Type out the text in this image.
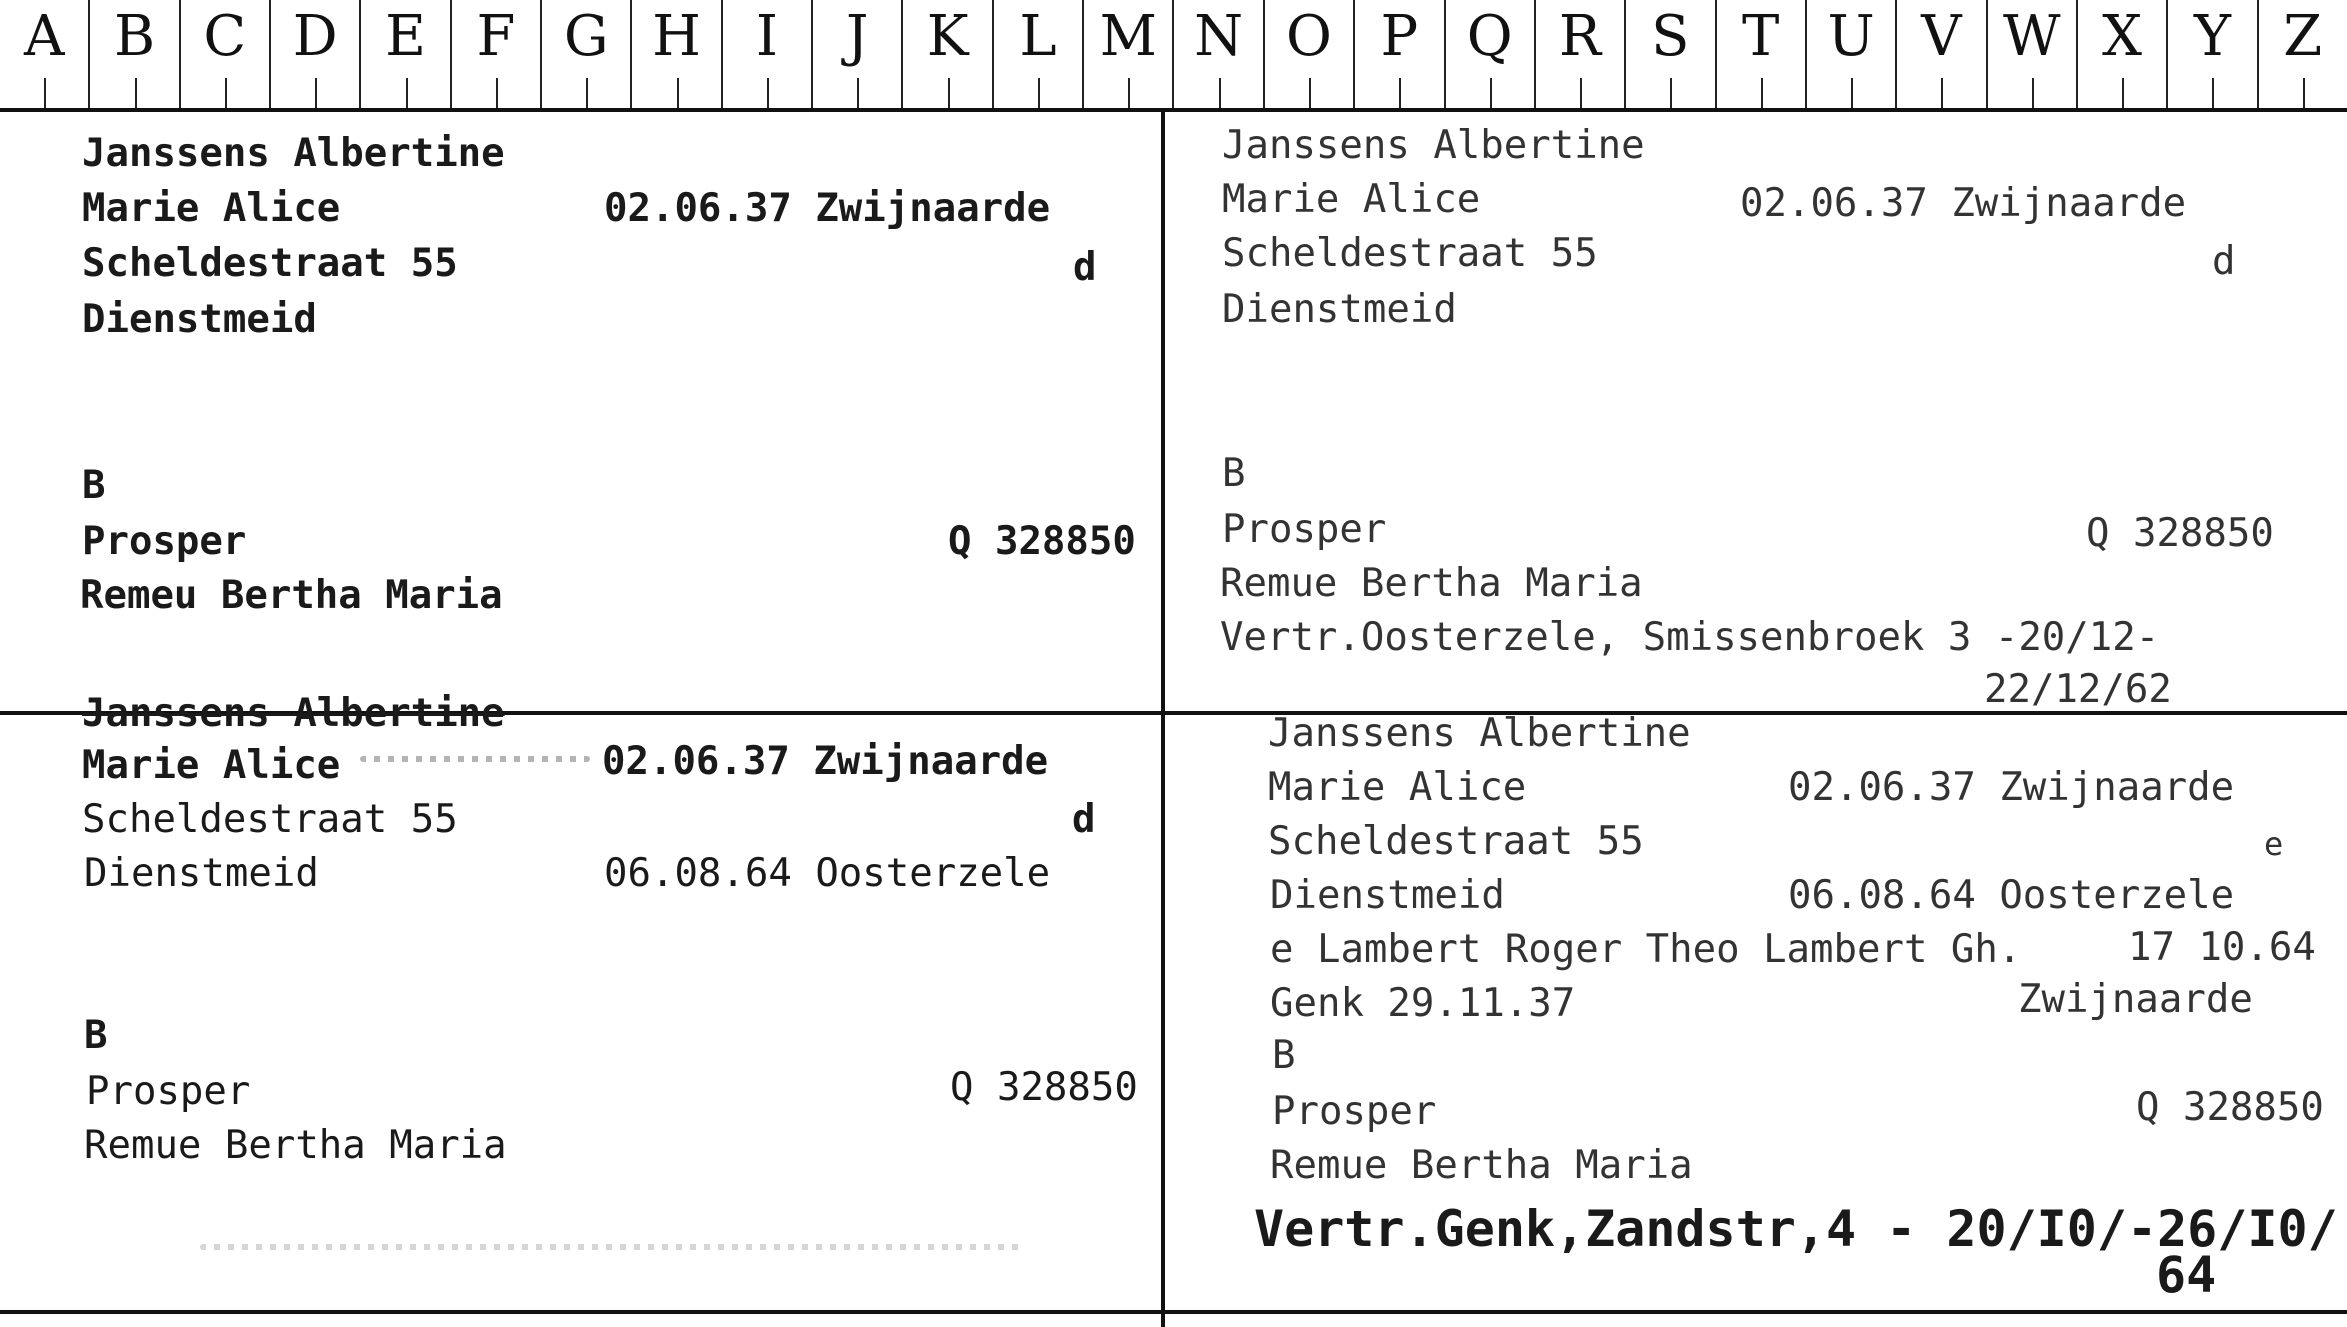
A B C D E F G H I	J	K L M N O P Q R S T U V W X Y Z
Janssens Albertine
Marie Alice	02.06.37 Zwijnaarde
Scheldestraat 55	d
Dienstmeid
B
Prosper	Q 328850
Remeu Bertha Maria
Janssens Albertine
Marie Alice	02.06.37 Zwijnaarde
Scheldestraat 55	d
Dienstmeid
B
Prosper	Q 328850
Remue Bertha Maria
Vertr.Oosterzele, Smissenbroek 3 -20/12-
22/12/62
Janssens Albertine
Marie Alice	02.06.37 Zwijnaarde
Scheldestraat 55	d
Dienstmeid	06.08.64 Oosterzele
B
Prosper	Q 328850
Remue Bertha Maria
Janssens Albertine
Marie Alice	02.06.37 Zwijnaarde
Scheldestraat 55	e
Dienstmeid	06.08.64 Oosterzele
e Lambert Roger Theo Lambert Gh.	17 10.64
Genk 29.11.37	Zwijnaarde
B
Prosper	Q 328850
Remue Bertha Maria
Vertr.Genk,Zandstr,4 - 20/I0/-26/I0/
64
